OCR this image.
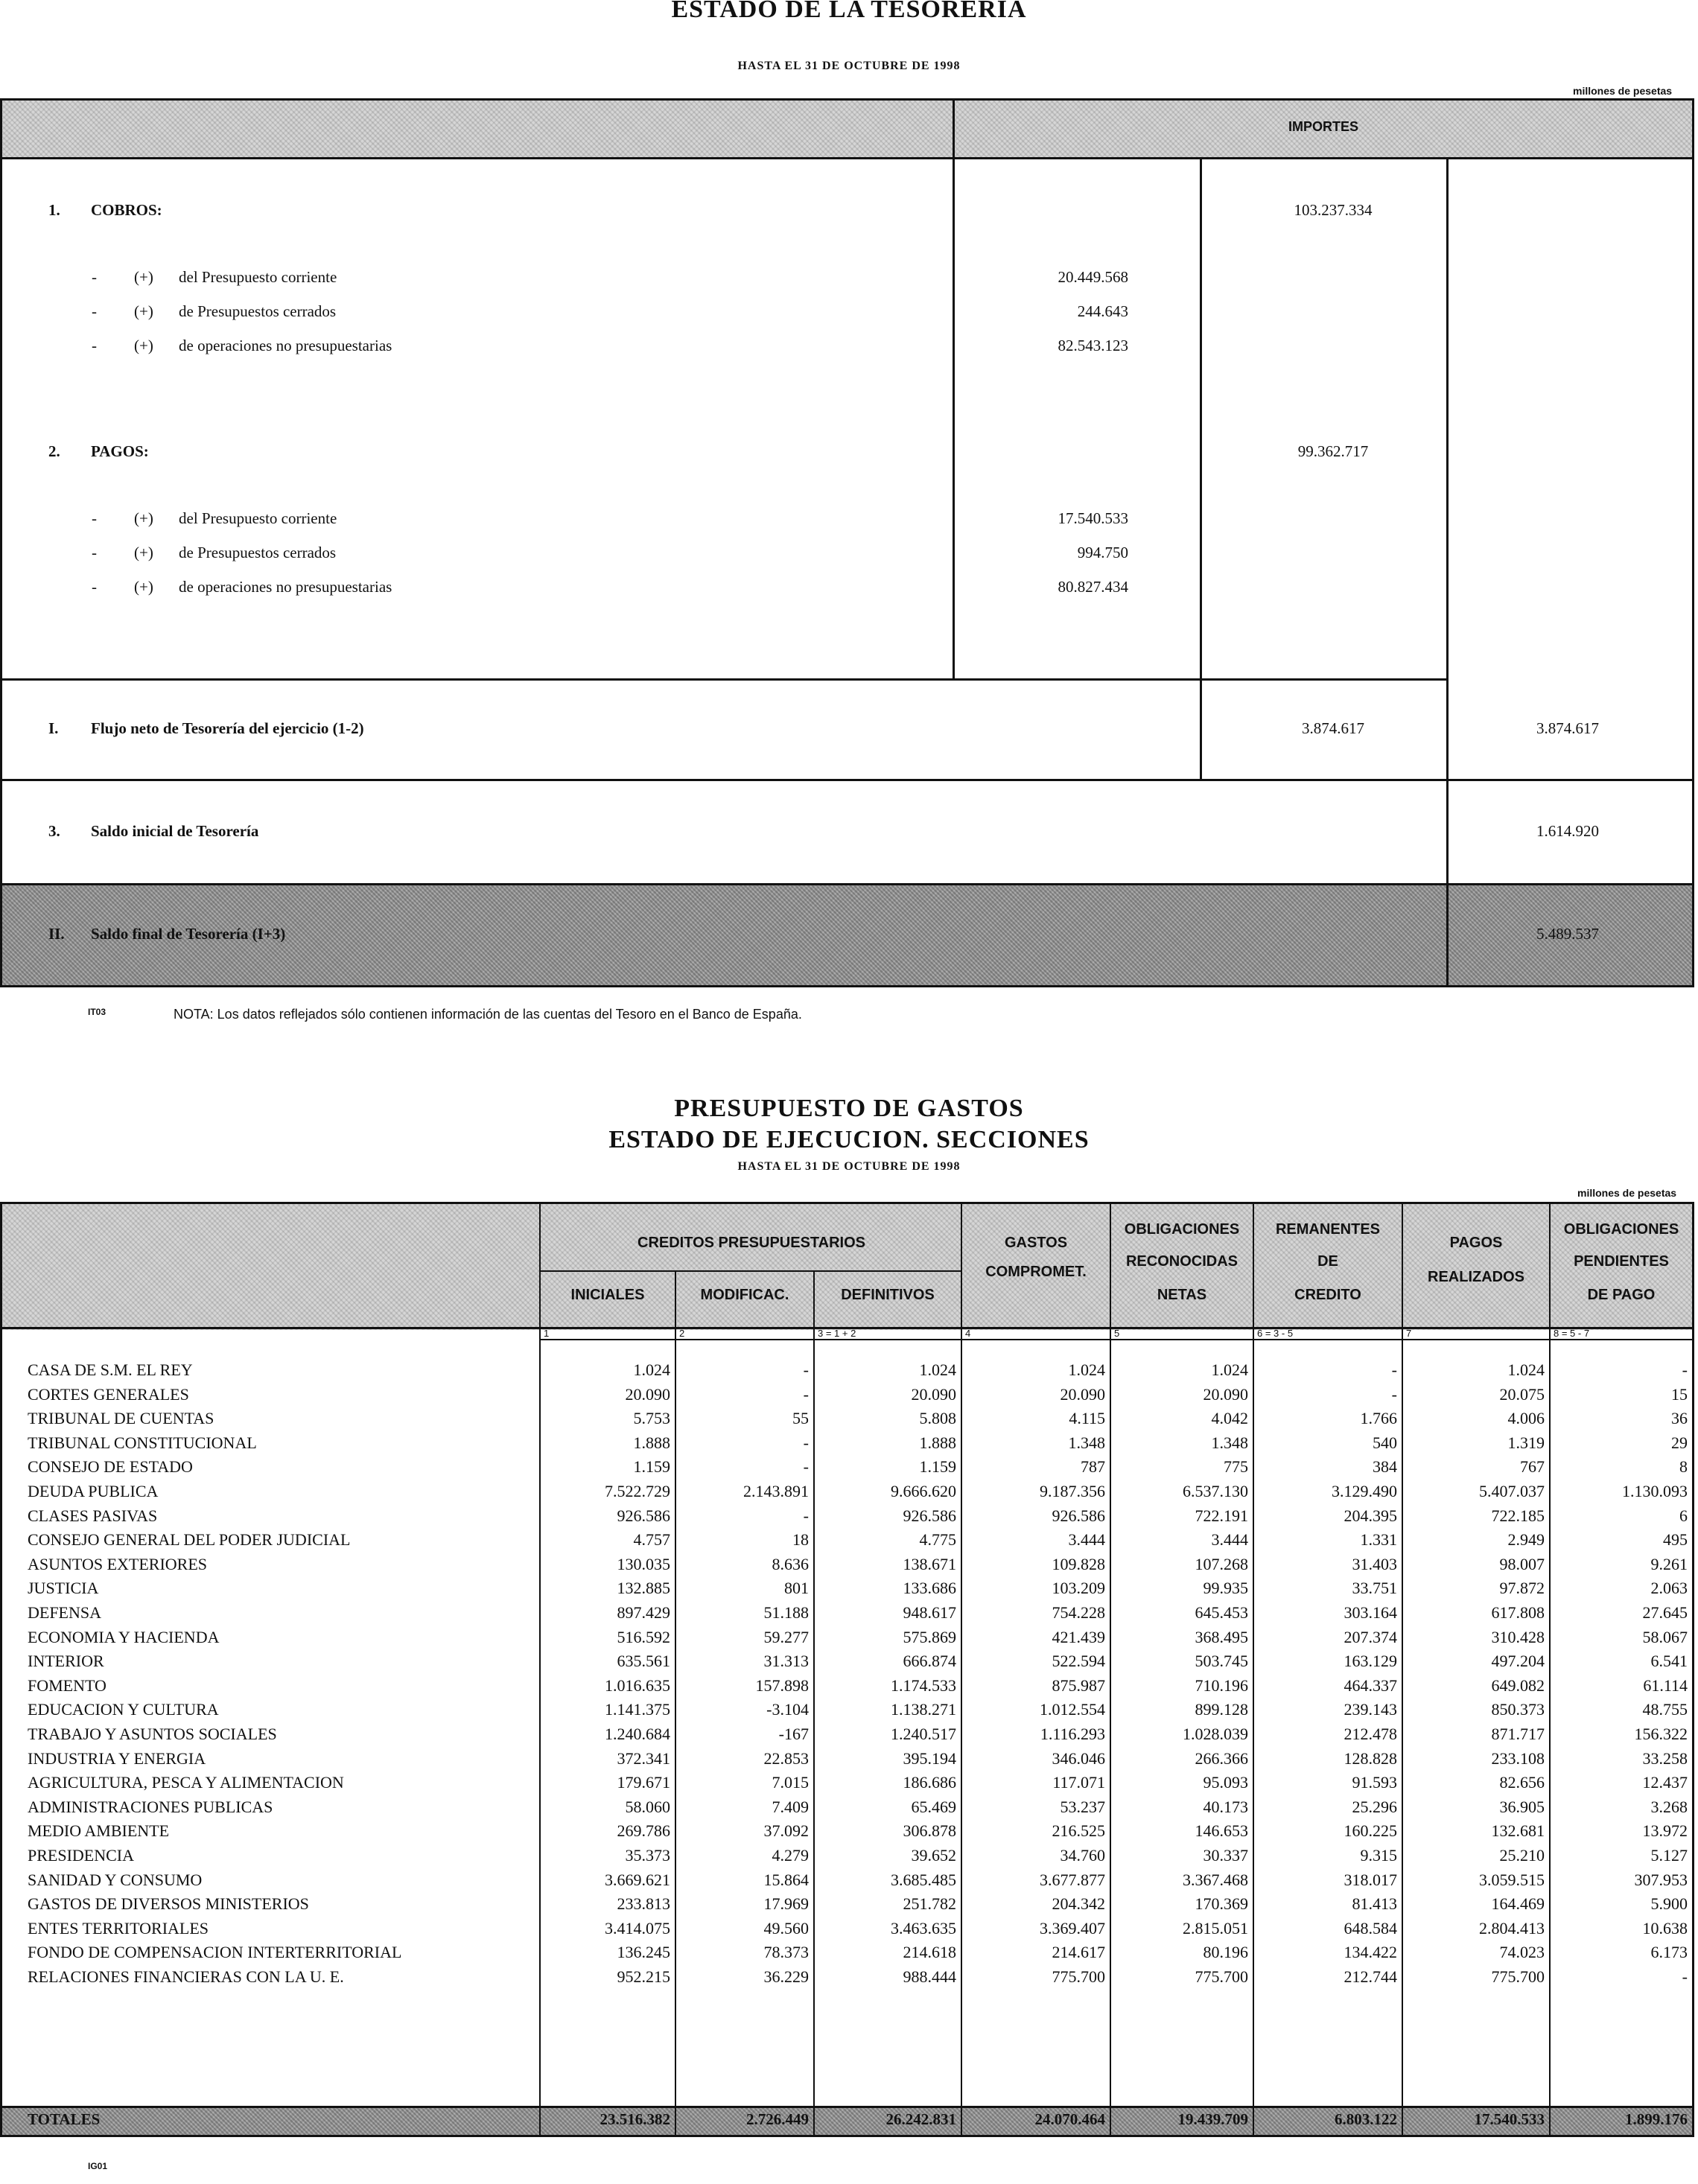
ESTADO DE LA TESORERIA
HASTA EL 31 DE OCTUBRE DE 1998
millones de pesetas
IMPORTES
1. COBROS:	103.237.334
- (+) del Presupuesto corriente	20.449.568
- (+) de Presupuestos cerrados	244.643
- (+) de operaciones no presupuestarias	82.543.123
2. PAGOS:	99.362.717
- (+) del Presupuesto corriente	17.540.533
- (+) de Presupuestos cerrados	994.750
- (+) de operaciones no presupuestarias	80.827.434
I. Flujo neto de Tesorería del ejercicio (1-2)	3.874.617	3.874.617
3. Saldo inicial de Tesorería	1.614.920
II. Saldo final de Tesorería (I+3)	5.489.537
IT03	NOTA: Los datos reflejados sólo contienen información de las cuentas del Tesoro en el Banco de España.
PRESUPUESTO DE GASTOS
ESTADO DE EJECUCION. SECCIONES
HASTA EL 31 DE OCTUBRE DE 1998
millones de pesetas
CREDITOS PRESUPUESTARIOS
INICIALES	MODIFICAC.	DEFINITIVOS
GASTOS
COMPROMET.
OBLIGACIONES
RECONOCIDAS
NETAS
REMANENTES
DE
CREDITO
PAGOS
REALIZADOS
OBLIGACIONES
PENDIENTES
DE PAGO
1	2	3 = 1 + 2	4	5	6 = 3 - 5	7	8 = 5 - 7
CASA DE S.M. EL REY	1.024	-	1.024	1.024	1.024	-	1.024	-
CORTES GENERALES	20.090	-	20.090	20.090	20.090	-	20.075	15
TRIBUNAL DE CUENTAS	5.753	55	5.808	4.115	4.042	1.766	4.006	36
TRIBUNAL CONSTITUCIONAL	1.888	-	1.888	1.348	1.348	540	1.319	29
CONSEJO DE ESTADO	1.159	-	1.159	787	775	384	767	8
DEUDA PUBLICA	7.522.729	2.143.891	9.666.620	9.187.356	6.537.130	3.129.490	5.407.037	1.130.093
CLASES PASIVAS	926.586	-	926.586	926.586	722.191	204.395	722.185	6
CONSEJO GENERAL DEL PODER JUDICIAL	4.757	18	4.775	3.444	3.444	1.331	2.949	495
ASUNTOS EXTERIORES	130.035	8.636	138.671	109.828	107.268	31.403	98.007	9.261
JUSTICIA	132.885	801	133.686	103.209	99.935	33.751	97.872	2.063
DEFENSA	897.429	51.188	948.617	754.228	645.453	303.164	617.808	27.645
ECONOMIA Y HACIENDA	516.592	59.277	575.869	421.439	368.495	207.374	310.428	58.067
INTERIOR	635.561	31.313	666.874	522.594	503.745	163.129	497.204	6.541
FOMENTO	1.016.635	157.898	1.174.533	875.987	710.196	464.337	649.082	61.114
EDUCACION Y CULTURA	1.141.375	-3.104	1.138.271	1.012.554	899.128	239.143	850.373	48.755
TRABAJO Y ASUNTOS SOCIALES	1.240.684	-167	1.240.517	1.116.293	1.028.039	212.478	871.717	156.322
INDUSTRIA Y ENERGIA	372.341	22.853	395.194	346.046	266.366	128.828	233.108	33.258
AGRICULTURA, PESCA Y ALIMENTACION	179.671	7.015	186.686	117.071	95.093	91.593	82.656	12.437
ADMINISTRACIONES PUBLICAS	58.060	7.409	65.469	53.237	40.173	25.296	36.905	3.268
MEDIO AMBIENTE	269.786	37.092	306.878	216.525	146.653	160.225	132.681	13.972
PRESIDENCIA	35.373	4.279	39.652	34.760	30.337	9.315	25.210	5.127
SANIDAD Y CONSUMO	3.669.621	15.864	3.685.485	3.677.877	3.367.468	318.017	3.059.515	307.953
GASTOS DE DIVERSOS MINISTERIOS	233.813	17.969	251.782	204.342	170.369	81.413	164.469	5.900
ENTES TERRITORIALES	3.414.075	49.560	3.463.635	3.369.407	2.815.051	648.584	2.804.413	10.638
FONDO DE COMPENSACION INTERTERRITORIAL	136.245	78.373	214.618	214.617	80.196	134.422	74.023	6.173
RELACIONES FINANCIERAS CON LA U. E.	952.215	36.229	988.444	775.700	775.700	212.744	775.700	-
TOTALES	23.516.382	2.726.449	26.242.831	24.070.464	19.439.709	6.803.122	17.540.533	1.899.176
IG01
